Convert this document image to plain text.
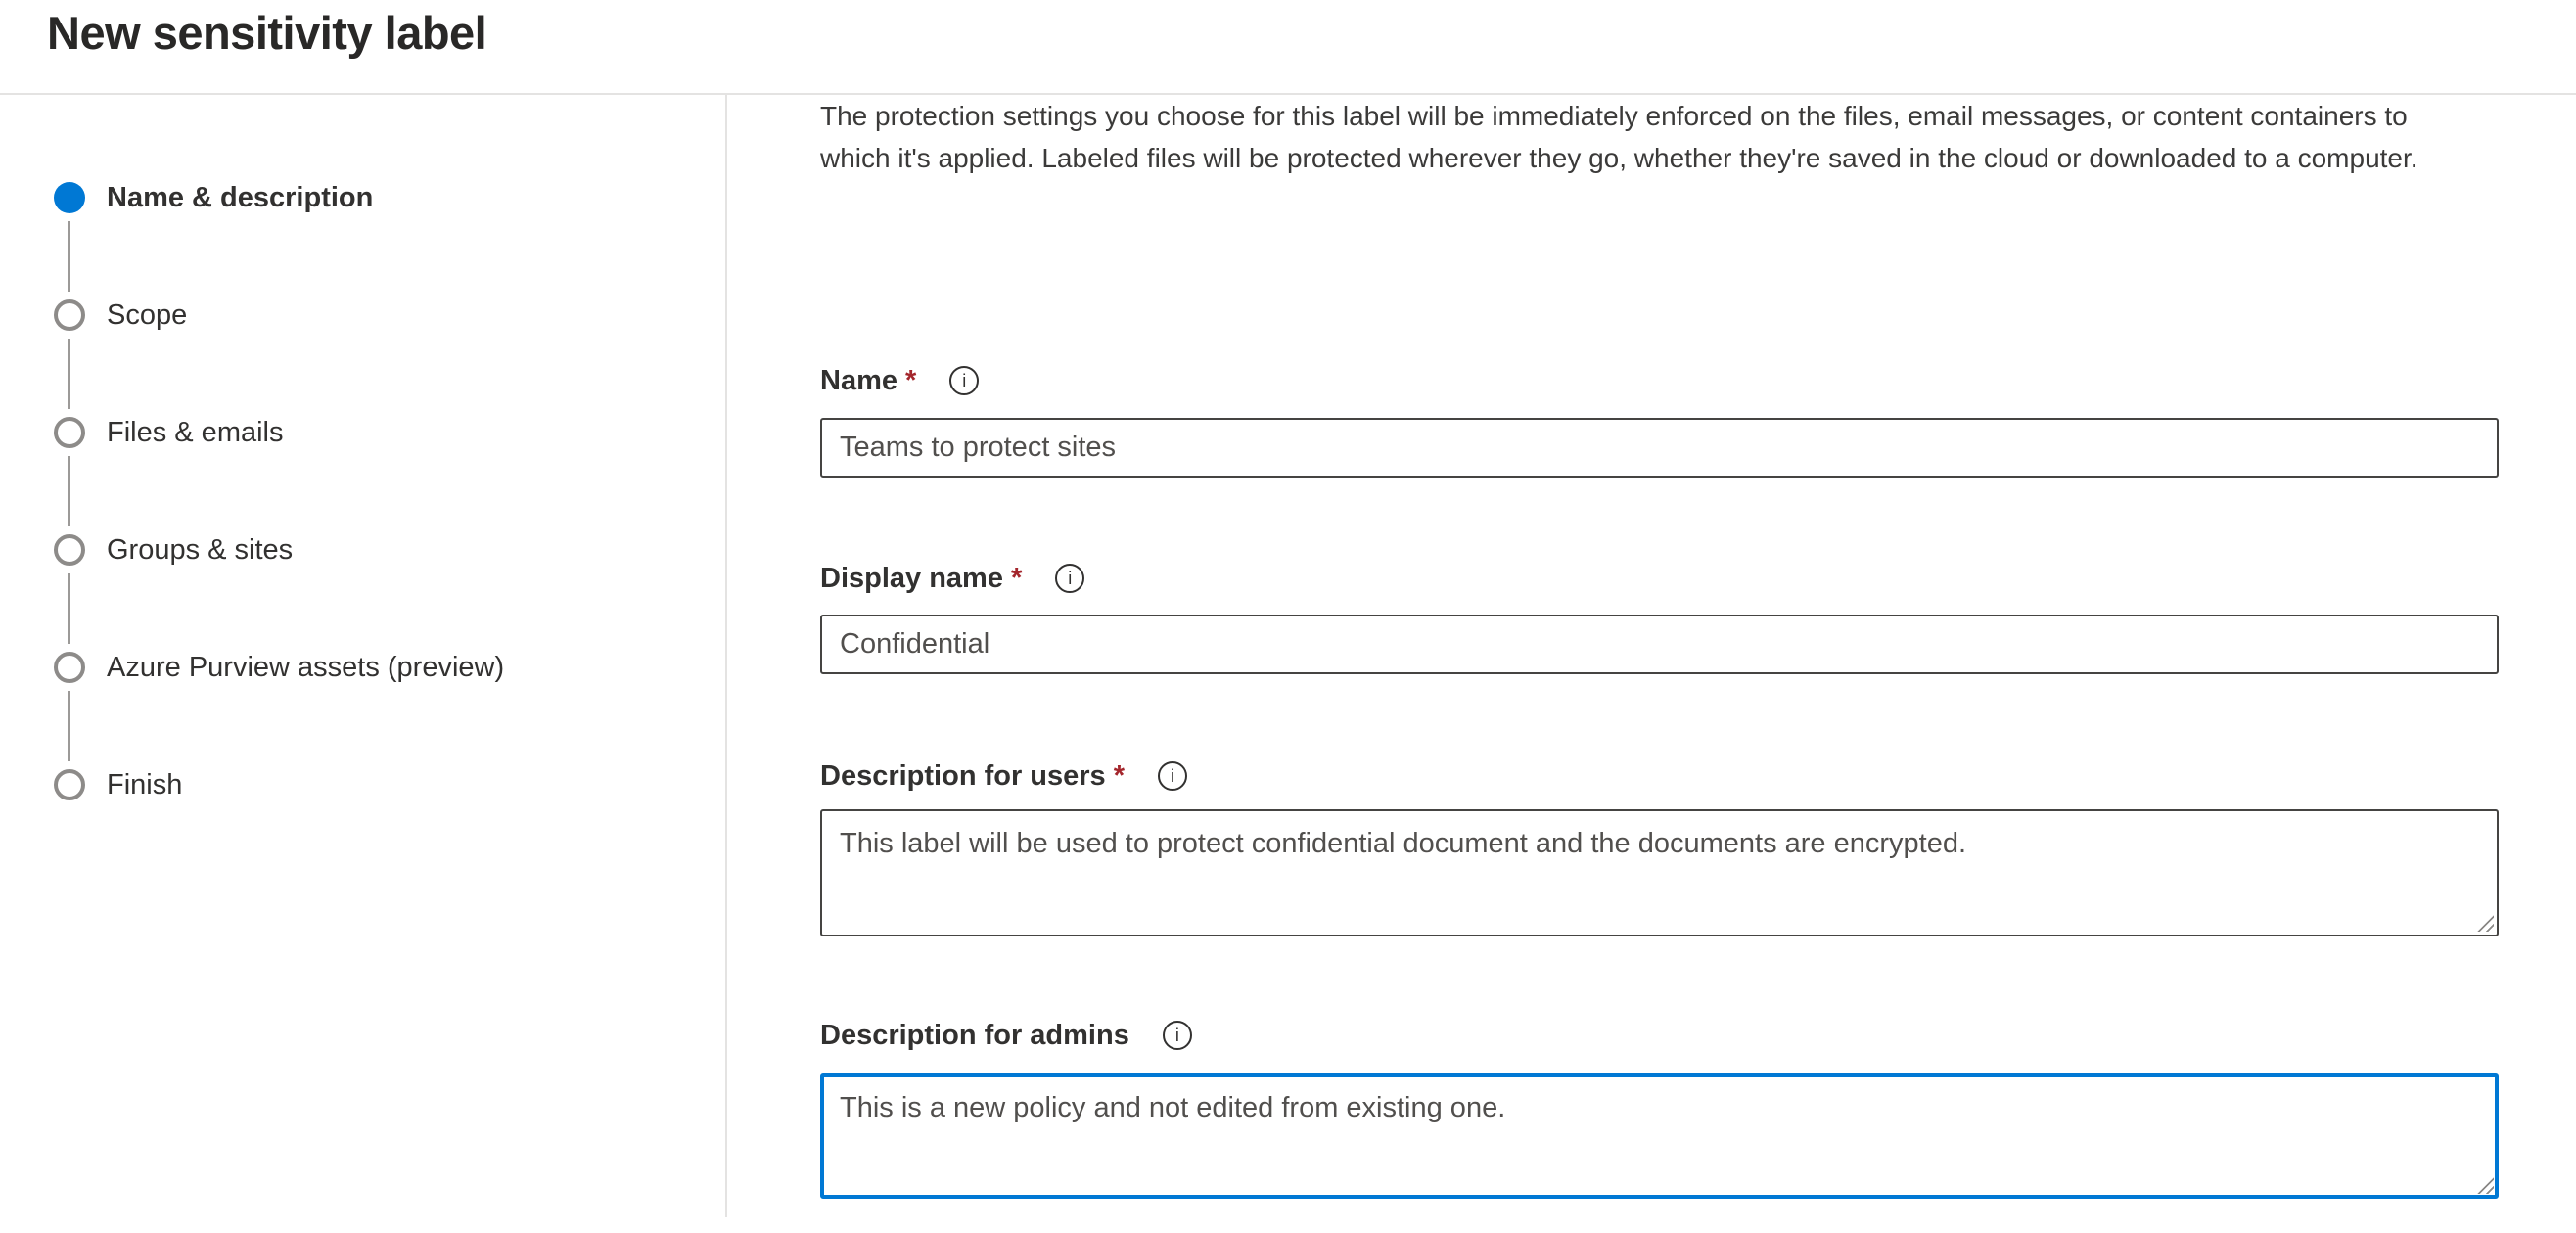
New sensitivity label
Name & description
Scope
Files & emails
Groups & sites
Azure Purview assets (preview)
Finish

The protection settings you choose for this label will be immediately enforced on the files, email messages, or content containers to which it's applied. Labeled files will be protected wherever they go, whether they're saved in the cloud or downloaded to a computer.

Name *	i
Teams to protect sites
Display name *	i
Confidential
Description for users *	i
This label will be used to protect confidential document and the documents are encrypted.
Description for admins	i
This is a new policy and not edited from existing one.
